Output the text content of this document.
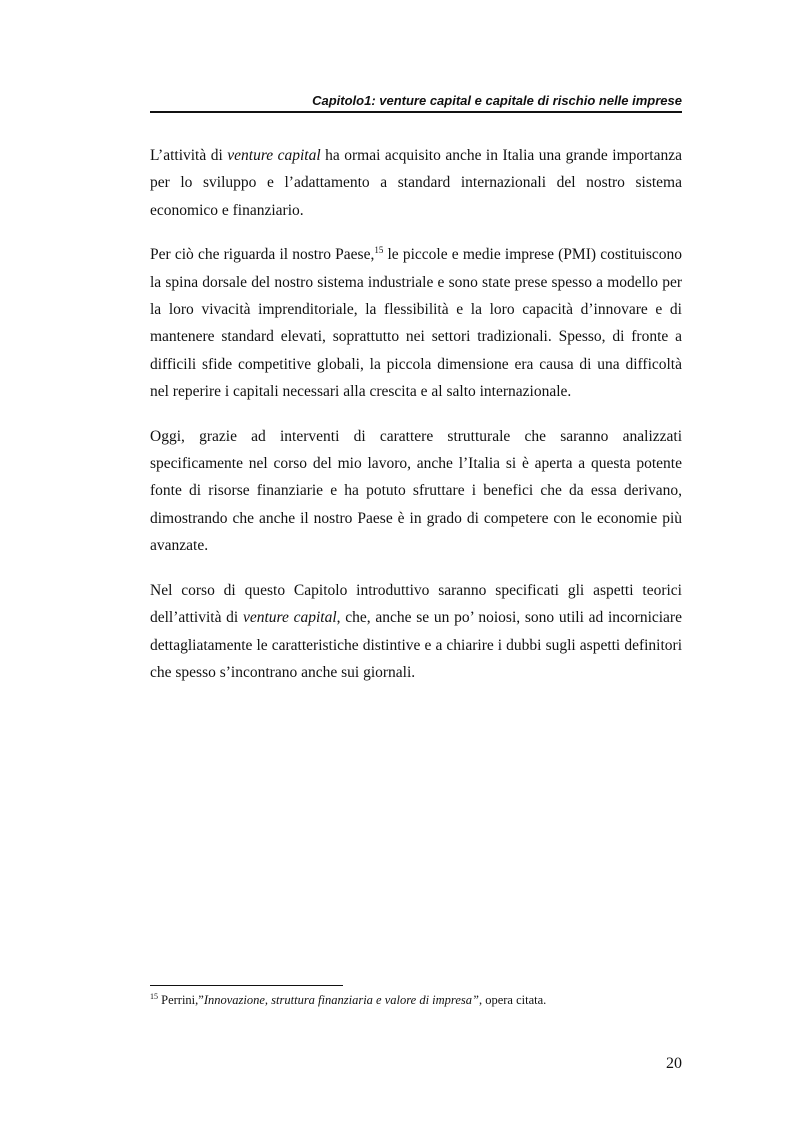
Capitolo1: venture capital e capitale di rischio nelle imprese

L’attività di venture capital ha ormai acquisito anche in Italia una grande importanza per lo sviluppo e l’adattamento a standard internazionali del nostro sistema economico e finanziario.

Per ciò che riguarda il nostro Paese,$^{15}$ le piccole e medie imprese (PMI) costituiscono la spina dorsale del nostro sistema industriale e sono state prese spesso a modello per la loro vivacità imprenditoriale, la flessibilità e la loro capacità d’innovare e di mantenere standard elevati, soprattutto nei settori tradizionali. Spesso, di fronte a difficili sfide competitive globali, la piccola dimensione era causa di una difficoltà nel reperire i capitali necessari alla crescita e al salto internazionale.

Oggi, grazie ad interventi di carattere strutturale che saranno analizzati specificamente nel corso del mio lavoro, anche l’Italia si è aperta a questa potente fonte di risorse finanziarie e ha potuto sfruttare i benefici che da essa derivano, dimostrando che anche il nostro Paese è in grado di competere con le economie più avanzate.

Nel corso di questo Capitolo introduttivo saranno specificati gli aspetti teorici dell’attività di venture capital, che, anche se un po’ noiosi, sono utili ad incorniciare dettagliatamente le caratteristiche distintive e a chiarire i dubbi sugli aspetti definitori che spesso s’incontrano anche sui giornali.

$^{15}$ Perrini,”Innovazione, struttura finanziaria e valore di impresa”, opera citata.
20
